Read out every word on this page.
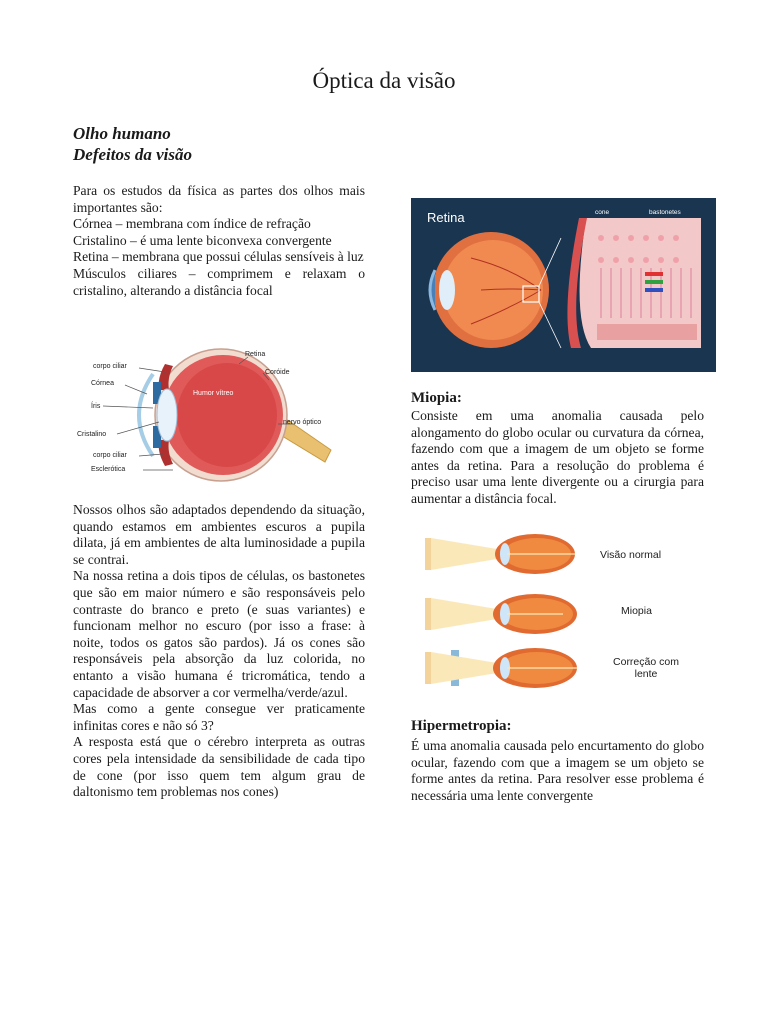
Óptica da visão
Olho humano
Defeitos da visão

Para os estudos da física as partes dos olhos mais importantes são:

Córnea – membrana com índice de refração

Cristalino – é uma lente biconvexa convergente

Retina – membrana que possui células sensíveis à luz

Músculos ciliares – comprimem e relaxam o cristalino, alterando a distância focal

corpo ciliar
Córnea
Íris
Cristalino
corpo ciliar
Esclerótica
Retina
Coróide
Humor vítreo
nervo óptico

Nossos olhos são adaptados dependendo da situação, quando estamos em ambientes escuros a pupila dilata, já em ambientes de alta luminosidade a pupila se contrai.

Na nossa retina a dois tipos de células, os bastonetes que são em maior número e são responsáveis pelo contraste do branco e preto (e suas variantes) e funcionam melhor no escuro (por isso a frase: à noite, todos os gatos são pardos). Já os cones são responsáveis pela absorção da luz colorida, no entanto a visão humana é tricromática, tendo a capacidade de absorver a cor vermelha/verde/azul.

Mas como a gente consegue ver praticamente infinitas cores e não só 3?

A resposta está que o cérebro interpreta as outras cores pela intensidade da sensibilidade de cada tipo de cone (por isso quem tem algum grau de daltonismo tem problemas nos cones)

Retina	cone	bastonetes
Miopia:

Consiste em uma anomalia causada pelo alongamento do globo ocular ou curvatura da córnea, fazendo com que a imagem de um objeto se forme antes da retina. Para a resolução do problema é preciso usar uma lente divergente ou a cirurgia para aumentar a distância focal.

Visão normal
Miopia
Correção com lente
Hipermetropia:

É uma anomalia causada pelo encurtamento do globo ocular, fazendo com que a imagem se um objeto se forme antes da retina. Para resolver esse problema é necessária uma lente convergente
